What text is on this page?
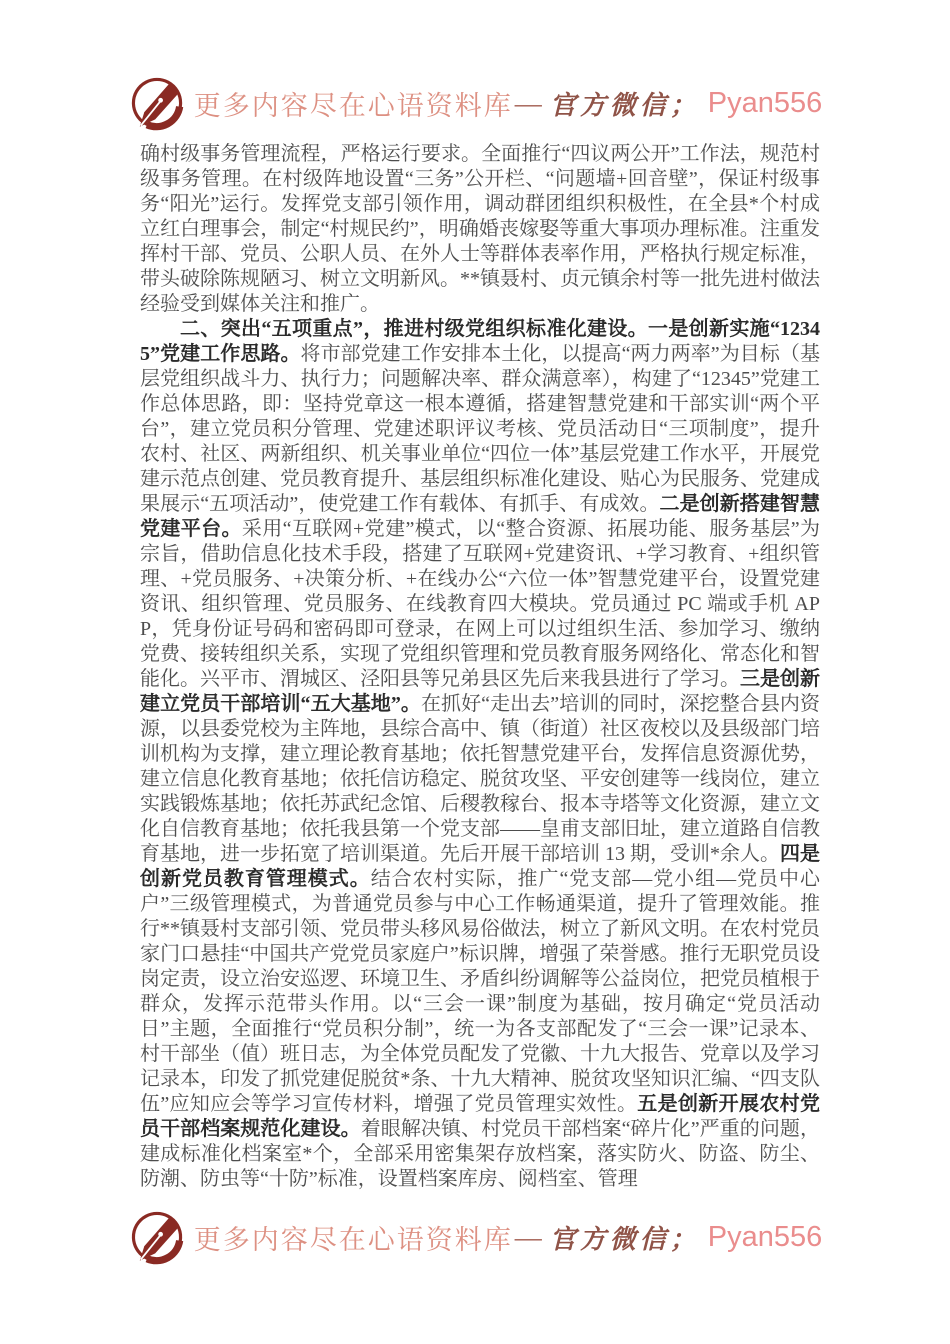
更多内容尽在心语资料库 — 官方微信； Pyan556

确村级事务管理流程，严格运行要求。全面推行“四议两公开”工作法，规范村级事务管理。在村级阵地设置“三务”公开栏、“问题墙+回音壁”，保证村级事务“阳光”运行。发挥党支部引领作用，调动群团组织积极性，在全县*个村成立红白理事会，制定“村规民约”，明确婚丧嫁娶等重大事项办理标准。注重发挥村干部、党员、公职人员、在外人士等群体表率作用，严格执行规定标准，带头破除陈规陋习、树立文明新风。**镇聂村、贞元镇余村等一批先进村做法经验受到媒体关注和推广。

二、突出“五项重点”，推进村级党组织标准化建设。一是创新实施“12345”党建工作思路。将市部党建工作安排本土化，以提高“两力两率”为目标（基层党组织战斗力、执行力；问题解决率、群众满意率），构建了“12345”党建工作总体思路，即：坚持党章这一根本遵循，搭建智慧党建和干部实训“两个平台”，建立党员积分管理、党建述职评议考核、党员活动日“三项制度”，提升农村、社区、两新组织、机关事业单位“四位一体”基层党建工作水平，开展党建示范点创建、党员教育提升、基层组织标准化建设、贴心为民服务、党建成果展示“五项活动”，使党建工作有载体、有抓手、有成效。二是创新搭建智慧党建平台。采用“互联网+党建”模式，以“整合资源、拓展功能、服务基层”为宗旨，借助信息化技术手段，搭建了互联网+党建资讯、+学习教育、+组织管理、+党员服务、+决策分析、+在线办公“六位一体”智慧党建平台，设置党建资讯、组织管理、党员服务、在线教育四大模块。党员通过 PC 端或手机 APP，凭身份证号码和密码即可登录，在网上可以过组织生活、参加学习、缴纳党费、接转组织关系，实现了党组织管理和党员教育服务网络化、常态化和智能化。兴平市、渭城区、泾阳县等兄弟县区先后来我县进行了学习。三是创新建立党员干部培训“五大基地”。在抓好“走出去”培训的同时，深挖整合县内资源，以县委党校为主阵地，县综合高中、镇（街道）社区夜校以及县级部门培训机构为支撑，建立理论教育基地；依托智慧党建平台，发挥信息资源优势，建立信息化教育基地；依托信访稳定、脱贫攻坚、平安创建等一线岗位，建立实践锻炼基地；依托苏武纪念馆、后稷教稼台、报本寺塔等文化资源，建立文化自信教育基地；依托我县第一个党支部——皇甫支部旧址，建立道路自信教育基地，进一步拓宽了培训渠道。先后开展干部培训 13 期，受训*余人。四是创新党员教育管理模式。结合农村实际，推广“党支部—党小组—党员中心户”三级管理模式，为普通党员参与中心工作畅通渠道，提升了管理效能。推行**镇聂村支部引领、党员带头移风易俗做法，树立了新风文明。在农村党员家门口悬挂“中国共产党党员家庭户”标识牌，增强了荣誉感。推行无职党员设岗定责，设立治安巡逻、环境卫生、矛盾纠纷调解等公益岗位，把党员植根于群众，发挥示范带头作用。以“三会一课”制度为基础，按月确定“党员活动日”主题，全面推行“党员积分制”，统一为各支部配发了“三会一课”记录本、村干部坐（值）班日志，为全体党员配发了党徽、十九大报告、党章以及学习记录本，印发了抓党建促脱贫*条、十九大精神、脱贫攻坚知识汇编、“四支队伍”应知应会等学习宣传材料，增强了党员管理实效性。五是创新开展农村党员干部档案规范化建设。着眼解决镇、村党员干部档案“碎片化”严重的问题，建成标准化档案室*个，全部采用密集架存放档案，落实防火、防盗、防尘、防潮、防虫等“十防”标准，设置档案库房、阅档室、管理

更多内容尽在心语资料库 — 官方微信； Pyan556
